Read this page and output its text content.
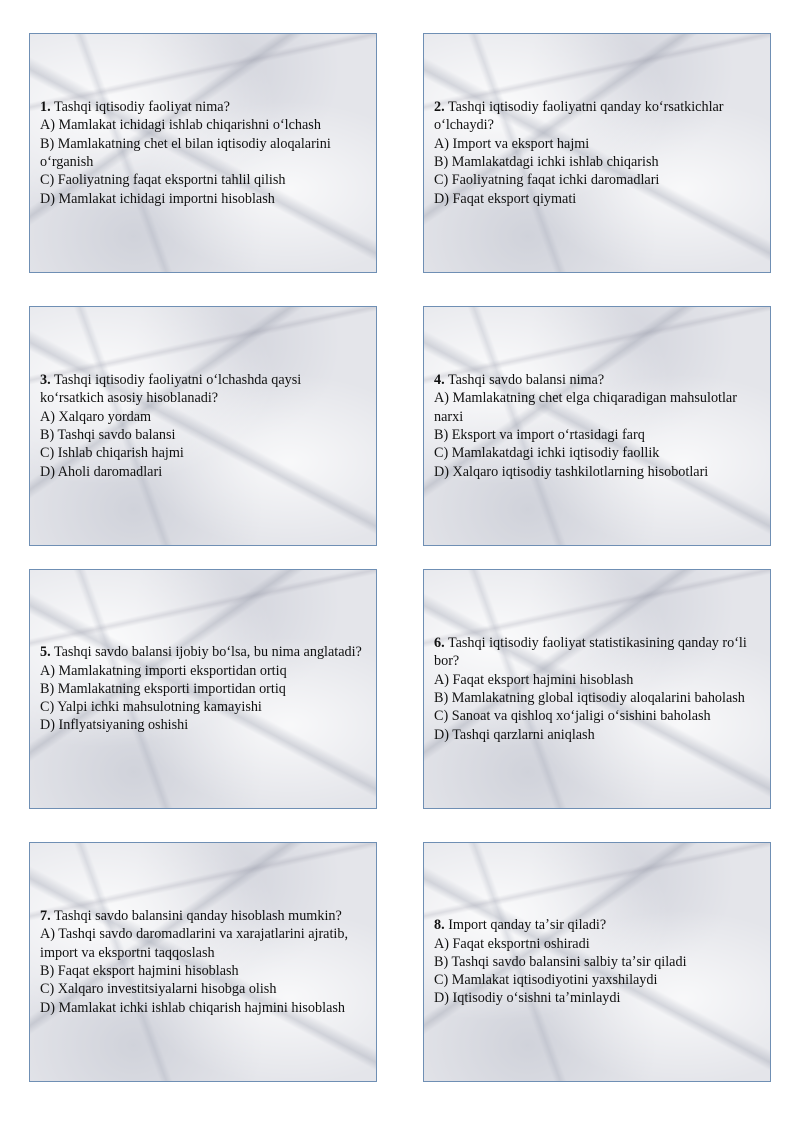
1. Tashqi iqtisodiy faoliyat nima?

A) Mamlakat ichidagi ishlab chiqarishni oʻlchash

B) Mamlakatning chet el bilan iqtisodiy aloqalarini oʻrganish

C) Faoliyatning faqat eksportni tahlil qilish

D) Mamlakat ichidagi importni hisoblash

2. Tashqi iqtisodiy faoliyatni qanday koʻrsatkichlar oʻlchaydi?

A) Import va eksport hajmi

B) Mamlakatdagi ichki ishlab chiqarish

C) Faoliyatning faqat ichki daromadlari

D) Faqat eksport qiymati

3. Tashqi iqtisodiy faoliyatni oʻlchashda qaysi koʻrsatkich asosiy hisoblanadi?

A) Xalqaro yordam

B) Tashqi savdo balansi

C) Ishlab chiqarish hajmi

D) Aholi daromadlari

4. Tashqi savdo balansi nima?

A) Mamlakatning chet elga chiqaradigan mahsulotlar narxi

B) Eksport va import oʻrtasidagi farq

C) Mamlakatdagi ichki iqtisodiy faollik

D) Xalqaro iqtisodiy tashkilotlarning hisobotlari

5. Tashqi savdo balansi ijobiy boʻlsa, bu nima anglatadi?

A) Mamlakatning importi eksportidan ortiq

B) Mamlakatning eksporti importidan ortiq

C) Yalpi ichki mahsulotning kamayishi

D) Inflyatsiyaning oshishi

6. Tashqi iqtisodiy faoliyat statistikasining qanday roʻli bor?

A) Faqat eksport hajmini hisoblash

B) Mamlakatning global iqtisodiy aloqalarini baholash

C) Sanoat va qishloq xoʻjaligi oʻsishini baholash

D) Tashqi qarzlarni aniqlash

7. Tashqi savdo balansini qanday hisoblash mumkin?

A) Tashqi savdo daromadlarini va xarajatlarini ajratib, import va eksportni taqqoslash

B) Faqat eksport hajmini hisoblash

C) Xalqaro investitsiyalarni hisobga olish

D) Mamlakat ichki ishlab chiqarish hajmini hisoblash

8. Import qanday taʼsir qiladi?

A) Faqat eksportni oshiradi

B) Tashqi savdo balansini salbiy taʼsir qiladi

C) Mamlakat iqtisodiyotini yaxshilaydi

D) Iqtisodiy oʻsishni taʼminlaydi
